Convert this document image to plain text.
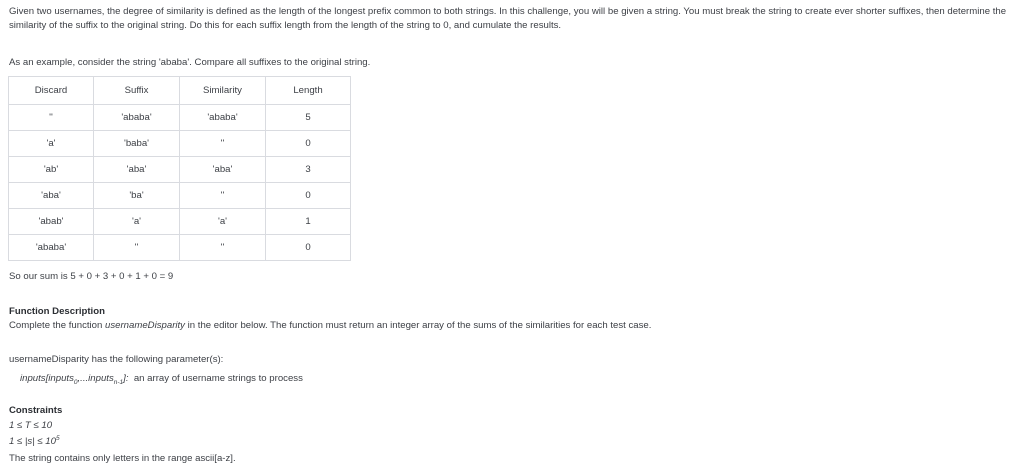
Given two usernames, the degree of similarity is defined as the length of the longest prefix common to both strings. In this challenge, you will be given a string. You must break the string to create ever shorter suffixes, then determine the similarity of the suffix to the original string. Do this for each suffix length from the length of the string to 0, and cumulate the results.

As an example, consider the string 'ababa'. Compare all suffixes to the original string.

Discard	Suffix	Similarity	Length
''	'ababa'	'ababa'	5
'a'	'baba'	''	0
'ab'	'aba'	'aba'	3
'aba'	'ba'	''	0
'abab'	'a'	'a'	1
'ababa'	''	''	0

So our sum is 5 + 0 + 3 + 0 + 1 + 0 = 9

Function Description

Complete the function usernameDisparity in the editor below. The function must return an integer array of the sums of the similarities for each test case.

usernameDisparity has the following parameter(s):

inputs[inputs$_0$,...inputs$_{n-1}$]:  an array of username strings to process

Constraints

1 ≤ T ≤ 10

$1 \le |s| \le 10^5$

The string contains only letters in the range ascii[a-z].
